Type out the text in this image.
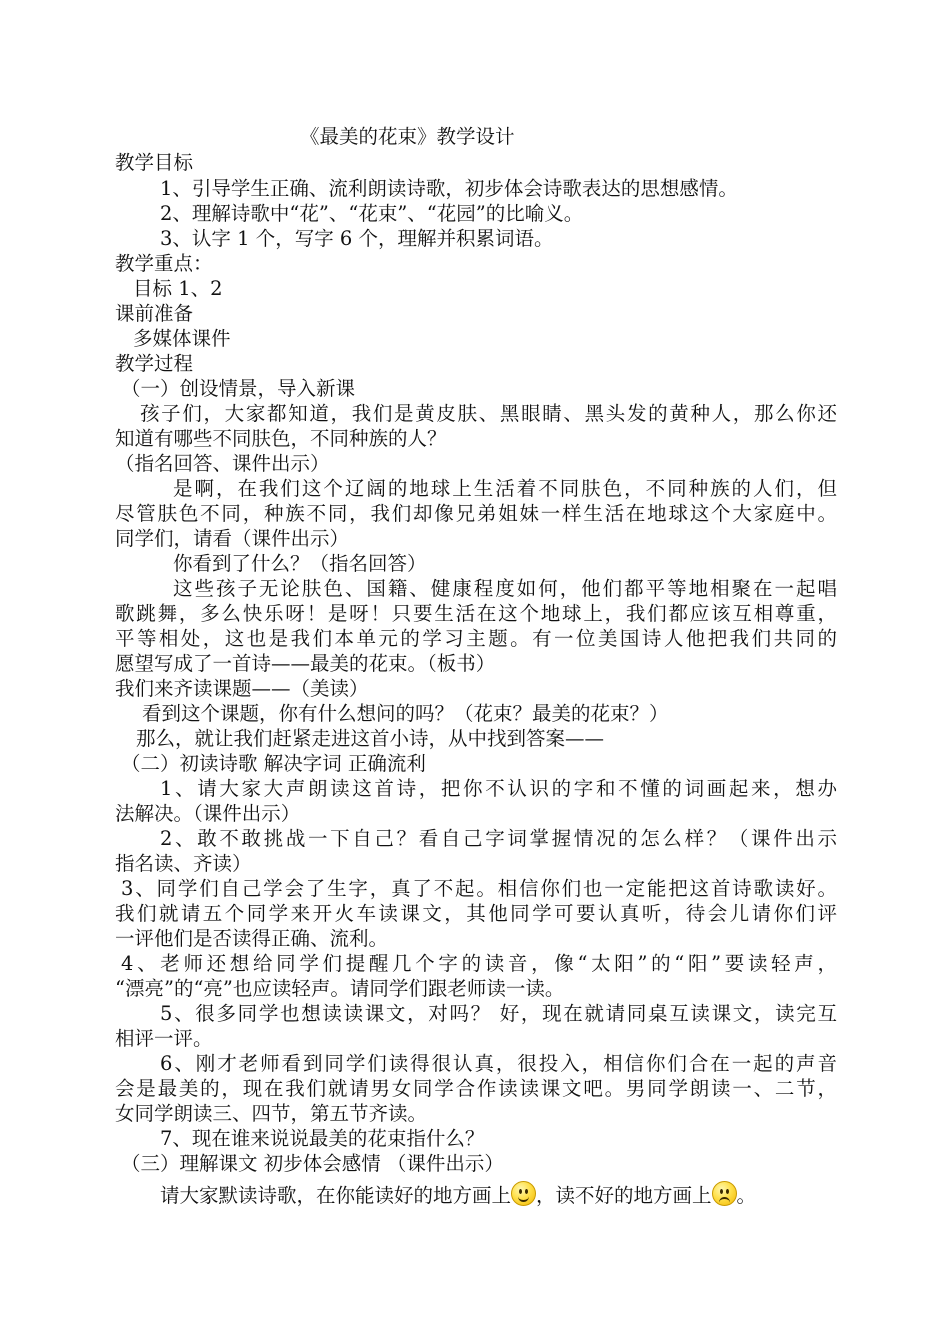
《最美的花束》教学设计
教学目标
1、引导学生正确、流利朗读诗歌，初步体会诗歌表达的思想感情。
2、理解诗歌中“花”、“花束”、“花园”的比喻义。
3、认字 1 个，写字 6 个，理解并积累词语。
教学重点：
目标 1、2
课前准备
多媒体课件
教学过程
（一）创设情景，导入新课
孩子们，大家都知道，我们是黄皮肤、黑眼睛、黑头发的黄种人，那么你还
知道有哪些不同肤色，不同种族的人？
（指名回答、课件出示）
是啊，在我们这个辽阔的地球上生活着不同肤色，不同种族的人们，但
尽管肤色不同，种族不同，我们却像兄弟姐妹一样生活在地球这个大家庭中。
同学们，请看（课件出示）
你看到了什么？（指名回答）
这些孩子无论肤色、国籍、健康程度如何，他们都平等地相聚在一起唱
歌跳舞，多么快乐呀！是呀！只要生活在这个地球上，我们都应该互相尊重，
平等相处，这也是我们本单元的学习主题。有一位美国诗人他把我们共同的
愿望写成了一首诗——最美的花束。（板书）
我们来齐读课题——（美读）
看到这个课题，你有什么想问的吗？（花束？最美的花束？）
那么，就让我们赶紧走进这首小诗，从中找到答案——
（二）初读诗歌 解决字词 正确流利
1、请大家大声朗读这首诗，把你不认识的字和不懂的词画起来，想办
法解决。（课件出示）
2、敢不敢挑战一下自己？看自己字词掌握情况的怎么样？（课件出示
指名读、齐读）
3、同学们自己学会了生字，真了不起。相信你们也一定能把这首诗歌读好。
我们就请五个同学来开火车读课文，其他同学可要认真听，待会儿请你们评
一评他们是否读得正确、流利。
4、老师还想给同学们提醒几个字的读音，像“太阳”的“阳”要读轻声，
“漂亮”的“亮”也应读轻声。请同学们跟老师读一读。
5、很多同学也想读读课文，对吗？ 好，现在就请同桌互读课文，读完互
相评一评。
6、刚才老师看到同学们读得很认真，很投入，相信你们合在一起的声音
会是最美的，现在我们就请男女同学合作读读课文吧。男同学朗读一、二节，
女同学朗读三、四节，第五节齐读。
7、现在谁来说说最美的花束指什么？
（三）理解课文 初步体会感情 （课件出示）
请大家默读诗歌，在你能读好的地方画上 ，读不好的地方画上 。
